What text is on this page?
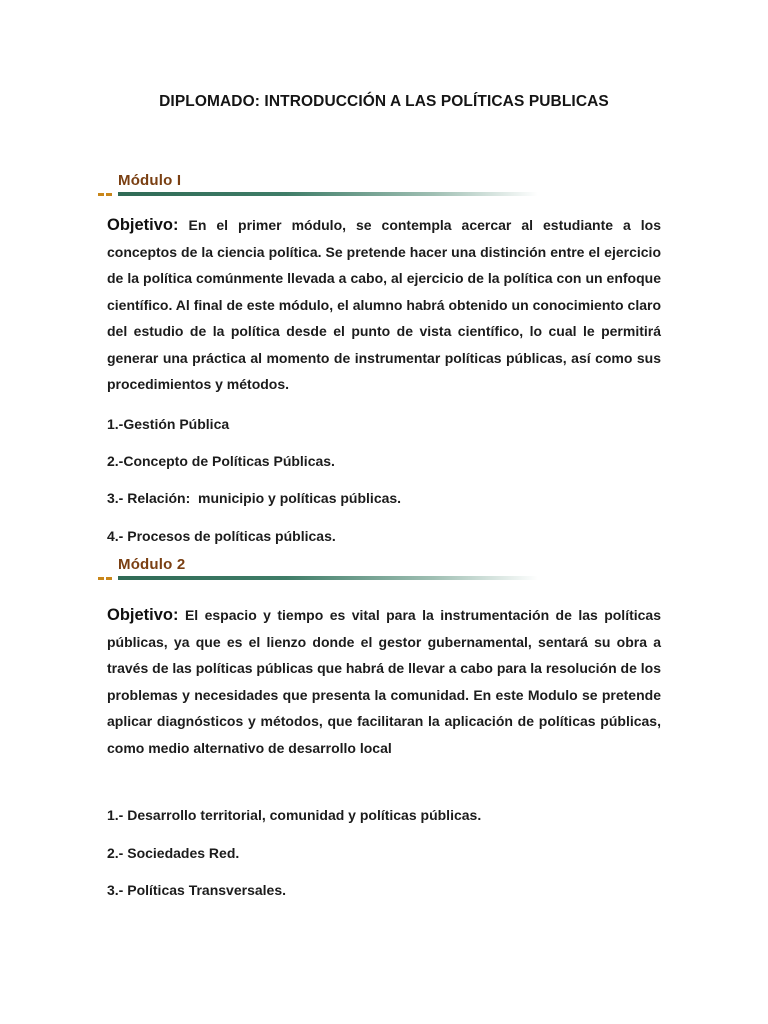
DIPLOMADO: INTRODUCCIÓN A LAS POLÍTICAS PUBLICAS
Módulo I

Objetivo: En el primer módulo, se contempla acercar al estudiante a los conceptos de la ciencia política. Se pretende hacer una distinción entre el ejercicio de la política comúnmente llevada a cabo, al ejercicio de la política con un enfoque científico. Al final de este módulo, el alumno habrá obtenido un conocimiento claro del estudio de la política desde el punto de vista científico, lo cual le permitirá generar una práctica al momento de instrumentar políticas públicas, así como sus procedimientos y métodos.

1.-Gestión Pública

2.-Concepto de Políticas Públicas.

3.- Relación:  municipio y políticas públicas.

4.- Procesos de políticas públicas.

Módulo 2

Objetivo: El espacio y tiempo es vital para la instrumentación de las políticas públicas, ya que es el lienzo donde el gestor gubernamental, sentará su obra a través de las políticas públicas que habrá de llevar a cabo para la resolución de los problemas y necesidades que presenta la comunidad. En este Modulo se pretende aplicar diagnósticos y métodos, que facilitaran la aplicación de políticas públicas, como medio alternativo de desarrollo local

1.- Desarrollo territorial, comunidad y políticas públicas.

2.- Sociedades Red.

3.- Políticas Transversales.
